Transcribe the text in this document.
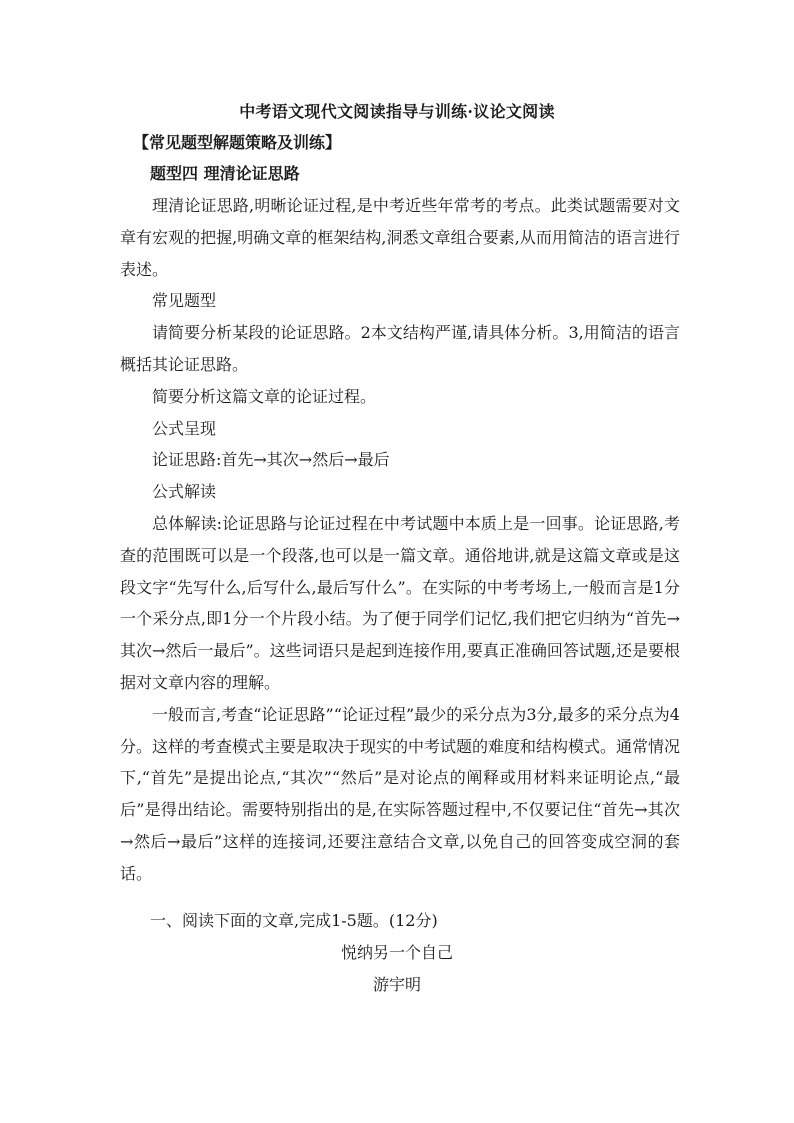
中考语文现代文阅读指导与训练·议论文阅读
【常见题型解题策略及训练】
题型四 理清论证思路

理清论证思路,明晰论证过程,是中考近些年常考的考点。此类试题需要对文章有宏观的把握,明确文章的框架结构,洞悉文章组合要素,从而用简洁的语言进行表述。

常见题型

请简要分析某段的论证思路。2本文结构严谨,请具体分析。3,用简洁的语言概括其论证思路。

简要分析这篇文章的论证过程。

公式呈现

论证思路:首先→其次→然后→最后

公式解读

总体解读:论证思路与论证过程在中考试题中本质上是一回事。论证思路,考查的范围既可以是一个段落,也可以是一篇文章。通俗地讲,就是这篇文章或是这段文字“先写什么,后写什么,最后写什么”。在实际的中考考场上,一般而言是1分一个采分点,即1分一个片段小结。为了便于同学们记忆,我们把它归纳为“首先→其次→然后一最后”。这些词语只是起到连接作用,要真正准确回答试题,还是要根据对文章内容的理解。

一般而言,考查“论证思路”“论证过程”最少的采分点为3分,最多的采分点为4分。这样的考查模式主要是取决于现实的中考试题的难度和结构模式。通常情况下,“首先”是提出论点,“其次”“然后”是对论点的阐释或用材料来证明论点,“最后”是得出结论。需要特别指出的是,在实际答题过程中,不仅要记住“首先→其次→然后→最后”这样的连接词,还要注意结合文章,以免自己的回答变成空洞的套话。

一、阅读下面的文章,完成1-5题。(12分)
悦纳另一个自己
游宇明
